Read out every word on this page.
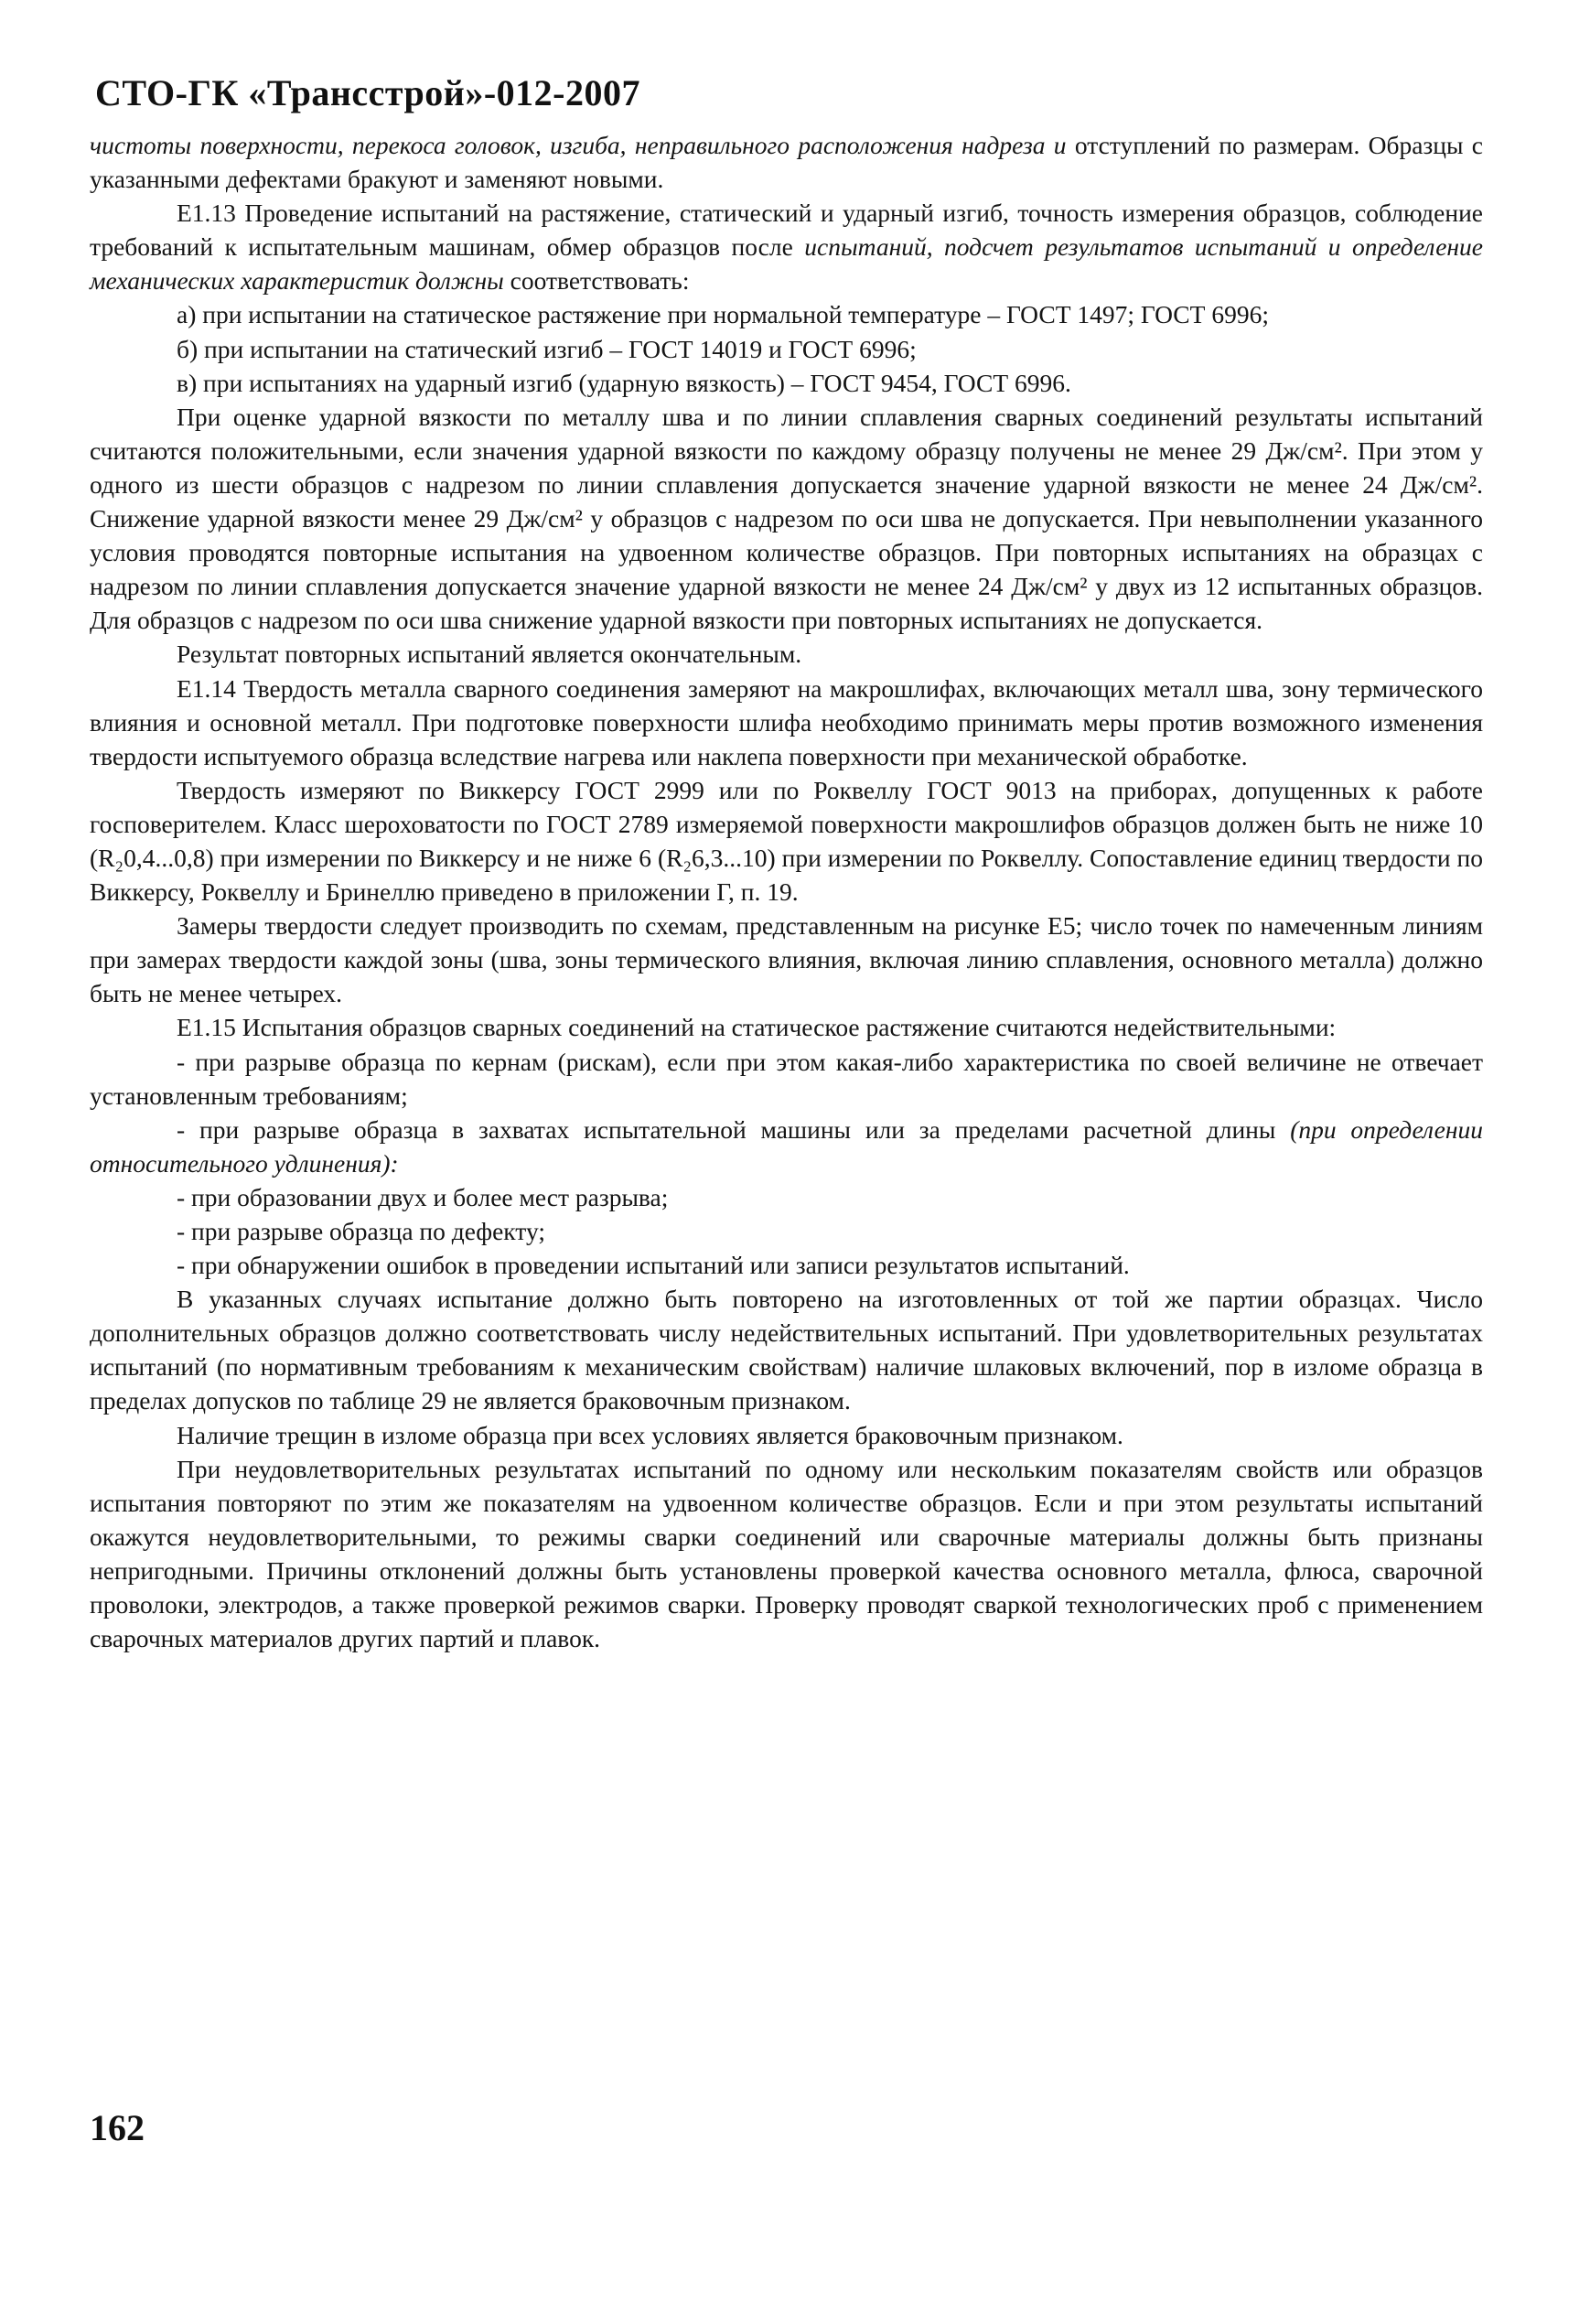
СТО-ГК «Трансстрой»-012-2007

чистоты поверхности, перекоса головок, изгиба, неправильного расположения надреза и отступлений по размерам. Образцы с указанными дефектами бракуют и заменяют новыми.

Е1.13 Проведение испытаний на растяжение, статический и ударный изгиб, точность измерения образцов, соблюдение требований к испытательным машинам, обмер образцов после испытаний, подсчет результатов испытаний и определение механических характеристик должны соответствовать:

а) при испытании на статическое растяжение при нормальной температуре – ГОСТ 1497; ГОСТ 6996;

б) при испытании на статический изгиб – ГОСТ 14019 и ГОСТ 6996;

в) при испытаниях на ударный изгиб (ударную вязкость) – ГОСТ 9454, ГОСТ 6996.

При оценке ударной вязкости по металлу шва и по линии сплавления сварных соединений результаты испытаний считаются положительными, если значения ударной вязкости по каждому образцу получены не менее 29 Дж/см². При этом у одного из шести образцов с надрезом по линии сплавления допускается значение ударной вязкости не менее 24 Дж/см². Снижение ударной вязкости менее 29 Дж/см² у образцов с надрезом по оси шва не допускается. При невыполнении указанного условия проводятся повторные испытания на удвоенном количестве образцов. При повторных испытаниях на образцах с надрезом по линии сплавления допускается значение ударной вязкости не менее 24 Дж/см² у двух из 12 испытанных образцов. Для образцов с надрезом по оси шва снижение ударной вязкости при повторных испытаниях не допускается.

Результат повторных испытаний является окончательным.

Е1.14 Твердость металла сварного соединения замеряют на макрошлифах, включающих металл шва, зону термического влияния и основной металл. При подготовке поверхности шлифа необходимо принимать меры против возможного изменения твердости испытуемого образца вследствие нагрева или наклепа поверхности при механической обработке.

Твердость измеряют по Виккерсу ГОСТ 2999 или по Роквеллу ГОСТ 9013 на приборах, допущенных к работе госповерителем. Класс шероховатости по ГОСТ 2789 измеряемой поверхности макрошлифов образцов должен быть не ниже 10 (R₂0,4...0,8) при измерении по Виккерсу и не ниже 6 (R₂6,3...10) при измерении по Роквеллу. Сопоставление единиц твердости по Виккерсу, Роквеллу и Бринеллю приведено в приложении Г, п. 19.

Замеры твердости следует производить по схемам, представленным на рисунке Е5; число точек по намеченным линиям при замерах твердости каждой зоны (шва, зоны термического влияния, включая линию сплавления, основного металла) должно быть не менее четырех.

Е1.15 Испытания образцов сварных соединений на статическое растяжение считаются недействительными:

- при разрыве образца по кернам (рискам), если при этом какая-либо характеристика по своей величине не отвечает установленным требованиям;

- при разрыве образца в захватах испытательной машины или за пределами расчетной длины (при определении относительного удлинения):

- при образовании двух и более мест разрыва;

- при разрыве образца по дефекту;

- при обнаружении ошибок в проведении испытаний или записи результатов испытаний.

В указанных случаях испытание должно быть повторено на изготовленных от той же партии образцах. Число дополнительных образцов должно соответствовать числу недействительных испытаний. При удовлетворительных результатах испытаний (по нормативным требованиям к механическим свойствам) наличие шлаковых включений, пор в изломе образца в пределах допусков по таблице 29 не является браковочным признаком.

Наличие трещин в изломе образца при всех условиях является браковочным признаком.

При неудовлетворительных результатах испытаний по одному или нескольким показателям свойств или образцов испытания повторяют по этим же показателям на удвоенном количестве образцов. Если и при этом результаты испытаний окажутся неудовлетворительными, то режимы сварки соединений или сварочные материалы должны быть признаны непригодными. Причины отклонений должны быть установлены проверкой качества основного металла, флюса, сварочной проволоки, электродов, а также проверкой режимов сварки. Проверку проводят сваркой технологических проб с применением сварочных материалов других партий и плавок.

162
